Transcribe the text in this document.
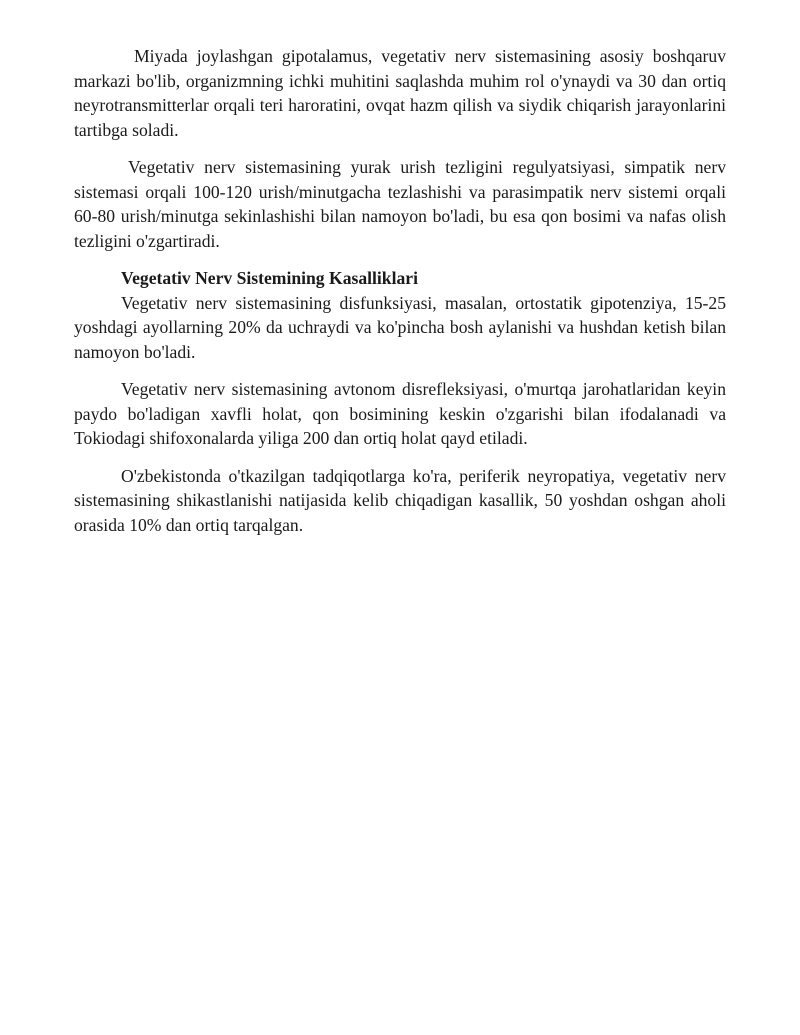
Miyada joylashgan gipotalamus, vegetativ nerv sistemasining asosiy boshqaruv markazi bo'lib, organizmning ichki muhitini saqlashda muhim rol o'ynaydi va 30 dan ortiq neyrotransmitterlar orqali teri haroratini, ovqat hazm qilish va siydik chiqarish jarayonlarini tartibga soladi.

Vegetativ nerv sistemasining yurak urish tezligini regulyatsiyasi, simpatik nerv sistemasi orqali 100-120 urish/minutgacha tezlashishi va parasimpatik nerv sistemi orqali 60-80 urish/minutga sekinlashishi bilan namoyon bo'ladi, bu esa qon bosimi va nafas olish tezligini o'zgartiradi.

Vegetativ Nerv Sistemining Kasalliklari

Vegetativ nerv sistemasining disfunksiyasi, masalan, ortostatik gipotenziya, 15-25 yoshdagi ayollarning 20% da uchraydi va ko'pincha bosh aylanishi va hushdan ketish bilan namoyon bo'ladi.

Vegetativ nerv sistemasining avtonom disrefleksiyasi, o'murtqa jarohatlaridan keyin paydo bo'ladigan xavfli holat, qon bosimining keskin o'zgarishi bilan ifodalanadi va Tokiodagi shifoxonalarda yiliga 200 dan ortiq holat qayd etiladi.

O'zbekistonda o'tkazilgan tadqiqotlarga ko'ra, periferik neyropatiya, vegetativ nerv sistemasining shikastlanishi natijasida kelib chiqadigan kasallik, 50 yoshdan oshgan aholi orasida 10% dan ortiq tarqalgan.
